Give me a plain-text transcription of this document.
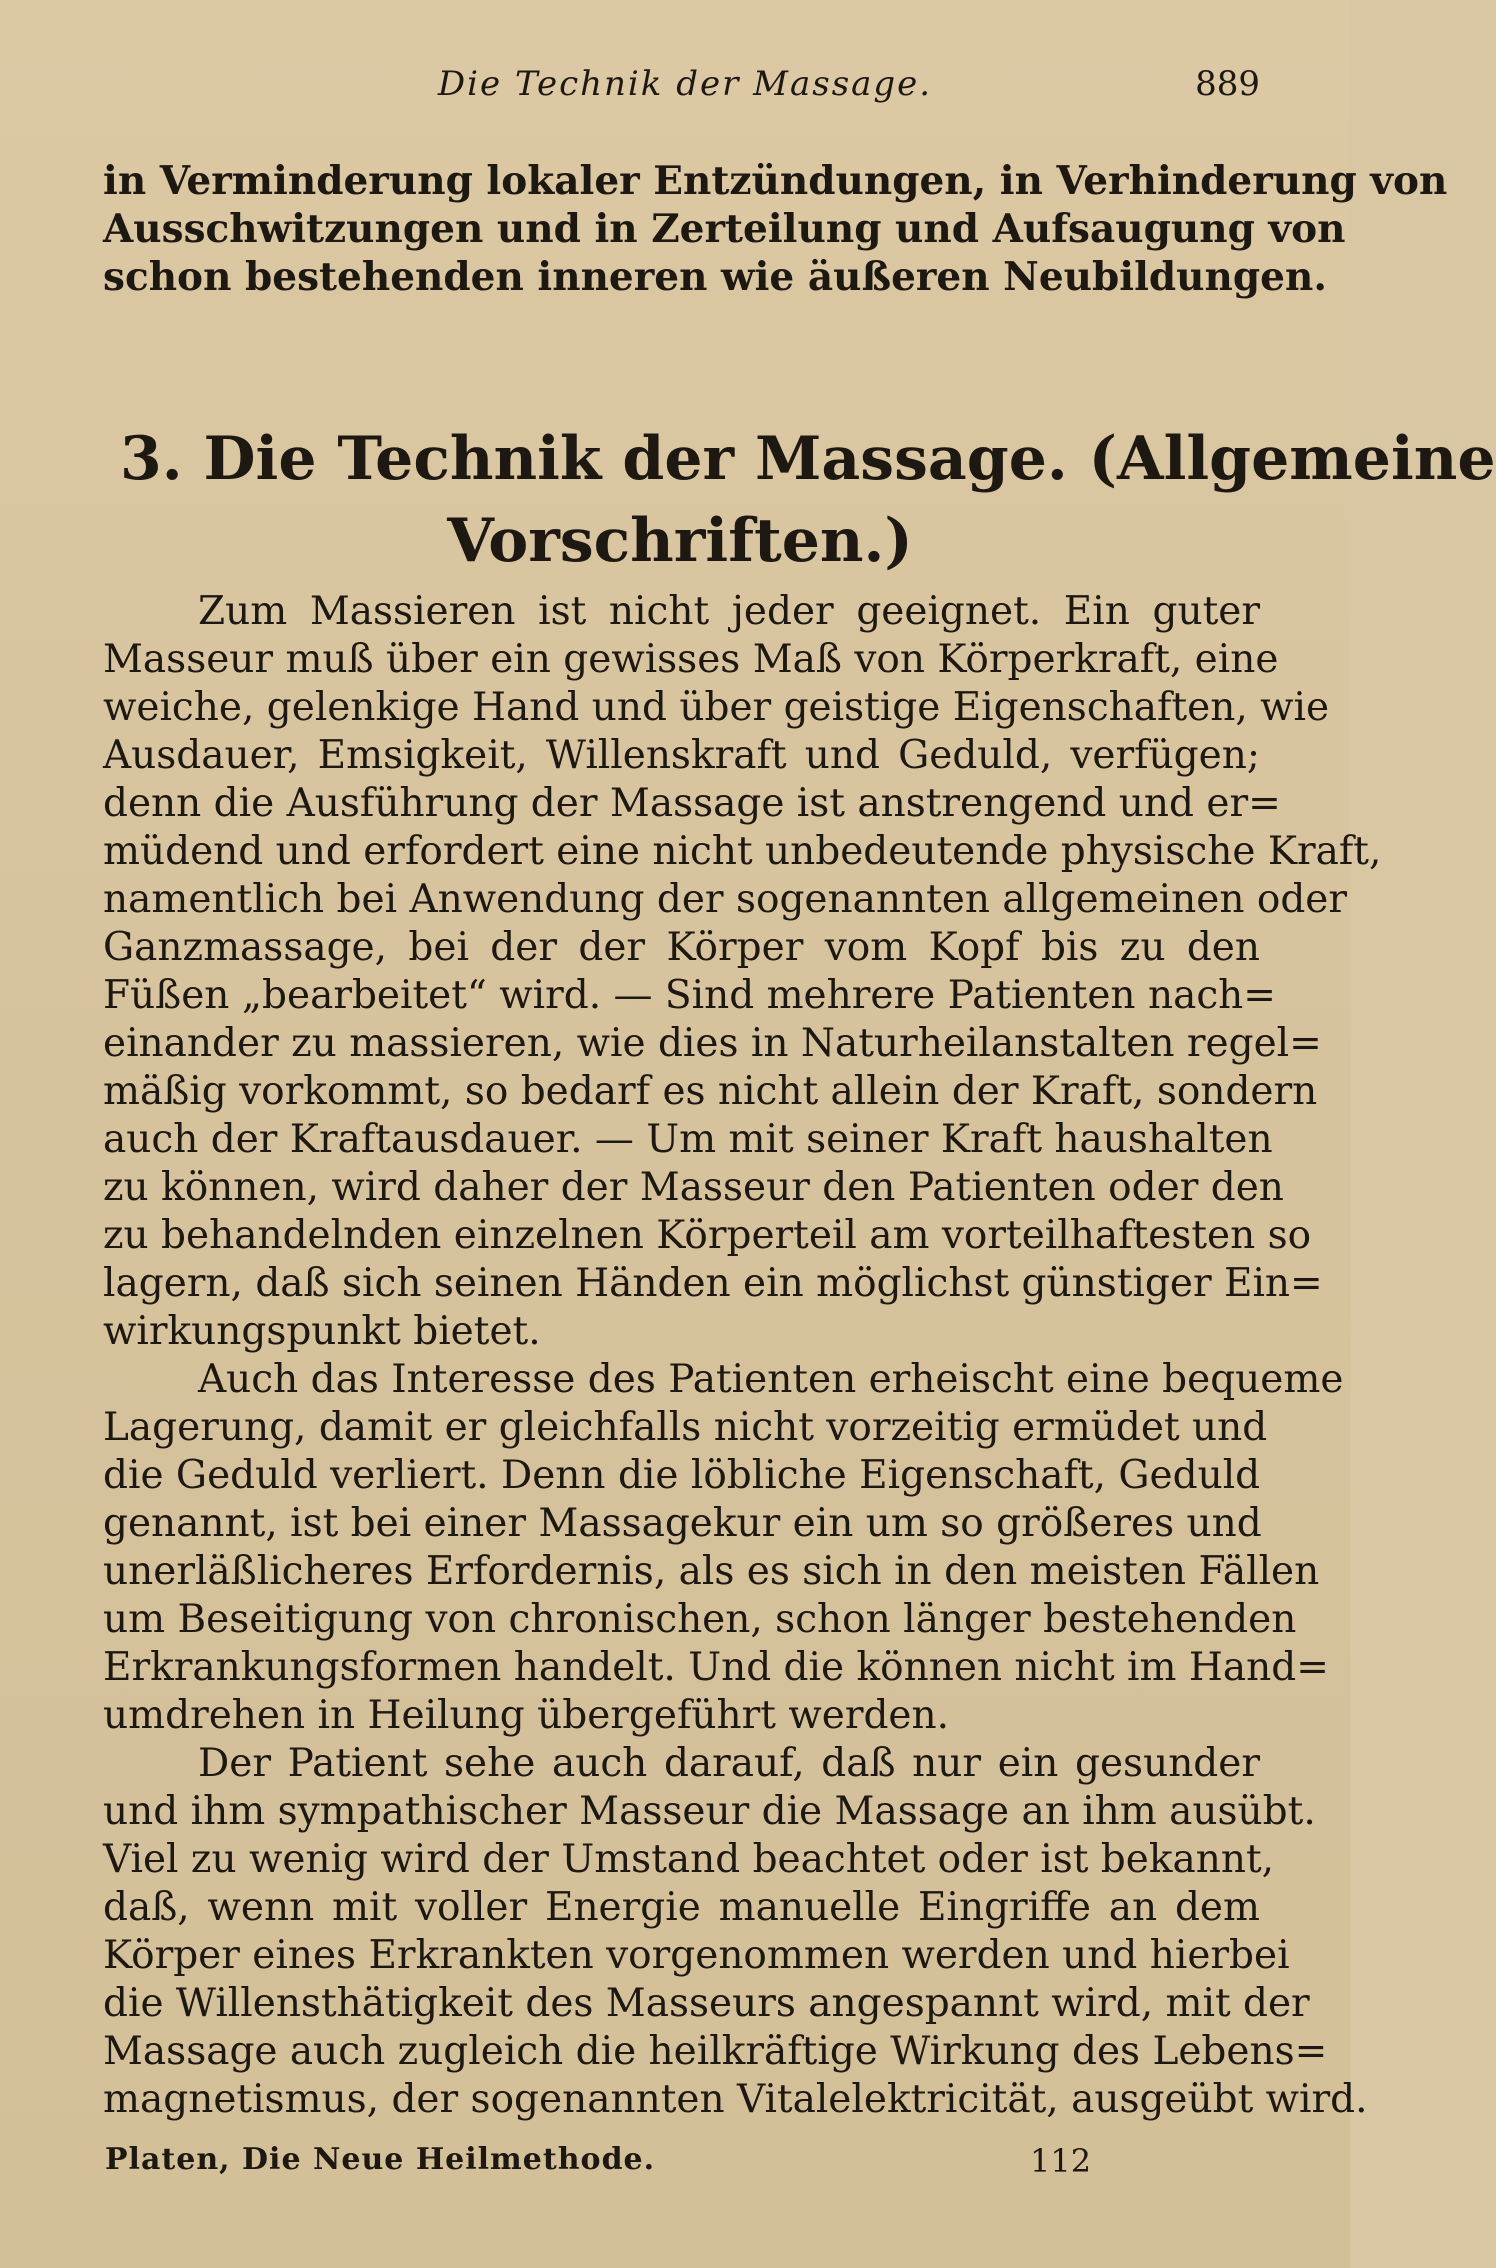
Die Technik der Massage.	889
in Verminderung lokaler Entzündungen, in Verhinderung von
Ausschwitzungen und in Zerteilung und Aufsaugung von
schon bestehenden inneren wie äußeren Neubildungen.
3. Die Technik der Massage. (Allgemeine
Vorschriften.)
Zum Massieren ist nicht jeder geeignet. Ein guter
Masseur muß über ein gewisses Maß von Körperkraft, eine
weiche, gelenkige Hand und über geistige Eigenschaften, wie
Ausdauer, Emsigkeit, Willenskraft und Geduld, verfügen;
denn die Ausführung der Massage ist anstrengend und er=
müdend und erfordert eine nicht unbedeutende physische Kraft,
namentlich bei Anwendung der sogenannten allgemeinen oder
Ganzmassage, bei der der Körper vom Kopf bis zu den
Füßen „bearbeitet“ wird. — Sind mehrere Patienten nach=
einander zu massieren, wie dies in Naturheilanstalten regel=
mäßig vorkommt, so bedarf es nicht allein der Kraft, sondern
auch der Kraftausdauer. — Um mit seiner Kraft haushalten
zu können, wird daher der Masseur den Patienten oder den
zu behandelnden einzelnen Körperteil am vorteilhaftesten so
lagern, daß sich seinen Händen ein möglichst günstiger Ein=
wirkungspunkt bietet.
Auch das Interesse des Patienten erheischt eine bequeme
Lagerung, damit er gleichfalls nicht vorzeitig ermüdet und
die Geduld verliert. Denn die löbliche Eigenschaft, Geduld
genannt, ist bei einer Massagekur ein um so größeres und
unerläßlicheres Erfordernis, als es sich in den meisten Fällen
um Beseitigung von chronischen, schon länger bestehenden
Erkrankungsformen handelt. Und die können nicht im Hand=
umdrehen in Heilung übergeführt werden.
Der Patient sehe auch darauf, daß nur ein gesunder
und ihm sympathischer Masseur die Massage an ihm ausübt.
Viel zu wenig wird der Umstand beachtet oder ist bekannt,
daß, wenn mit voller Energie manuelle Eingriffe an dem
Körper eines Erkrankten vorgenommen werden und hierbei
die Willensthätigkeit des Masseurs angespannt wird, mit der
Massage auch zugleich die heilkräftige Wirkung des Lebens=
magnetismus, der sogenannten Vitalelektricität, ausgeübt wird.
Platen, Die Neue Heilmethode.	112
